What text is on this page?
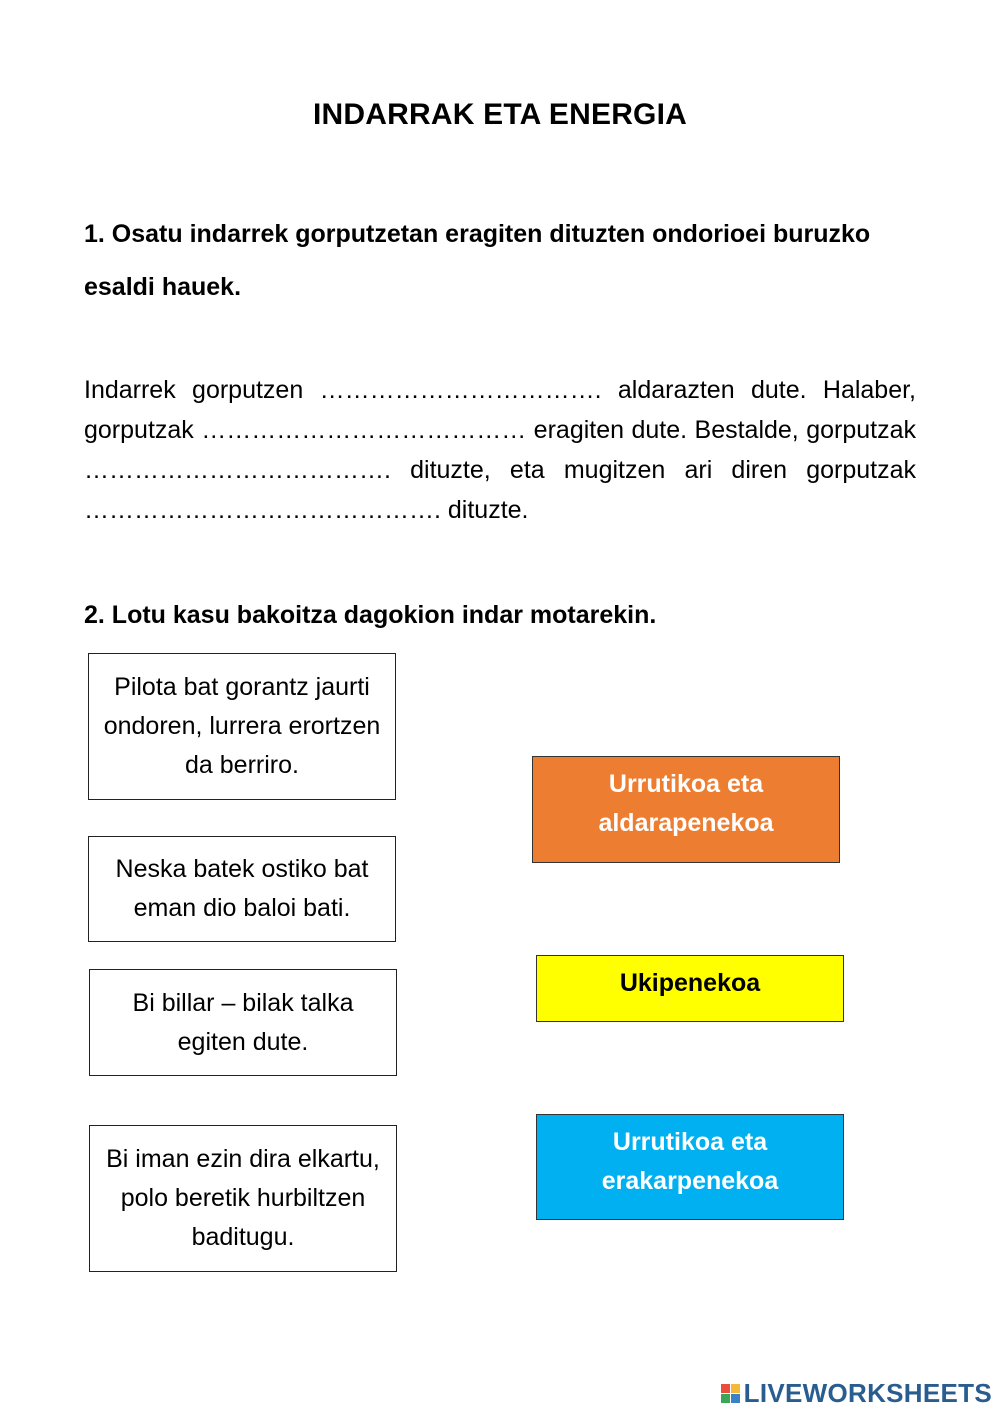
INDARRAK ETA ENERGIA
1. Osatu indarrek gorputzetan eragiten dituzten ondorioei buruzko esaldi hauek.
Indarrek gorputzen ……………………………. aldarazten dute. Halaber, gorputzak ………………………………… eragiten dute. Bestalde, gorputzak ………………………………. dituzte, eta mugitzen ari diren gorputzak ……………………………………. dituzte.
2. Lotu kasu bakoitza dagokion indar motarekin.
Pilota bat gorantz jaurti ondoren, lurrera erortzen da berriro.
Neska batek ostiko bat eman dio baloi bati.
Bi billar – bilak talka egiten dute.
Bi iman ezin dira elkartu, polo beretik hurbiltzen baditugu.
Urrutikoa eta aldarapenekoa
Ukipenekoa
Urrutikoa eta erakarpenekoa
LIVEWORKSHEETS
